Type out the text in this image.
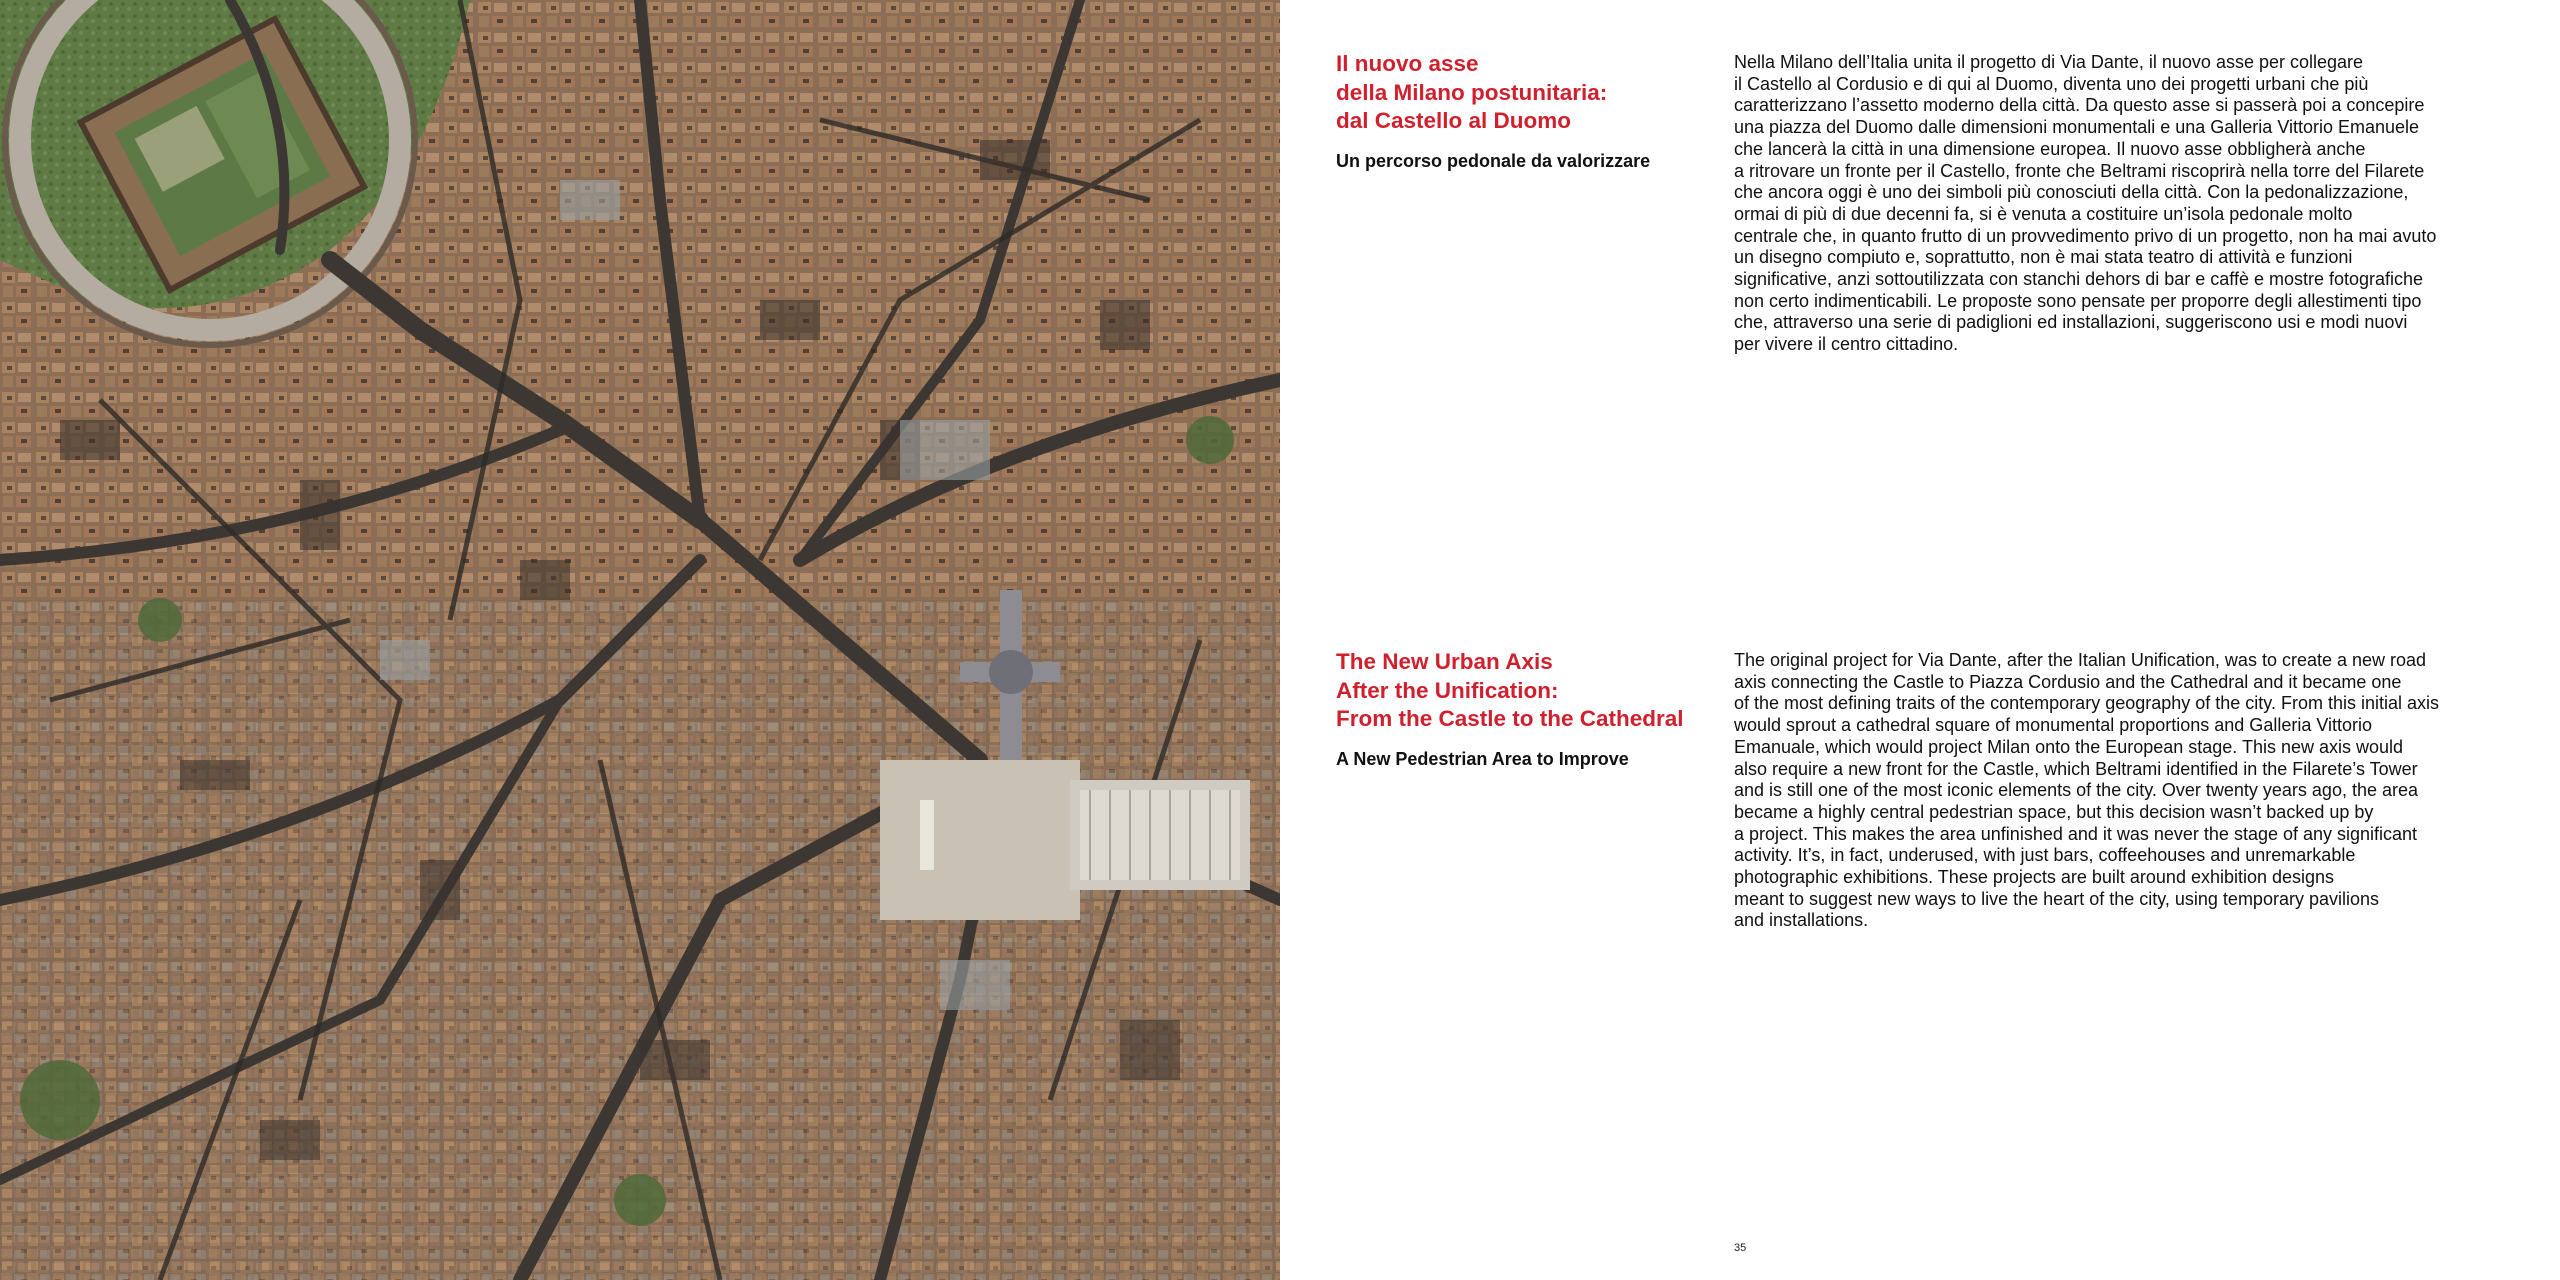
Il nuovo asse
della Milano postunitaria:
dal Castello al Duomo
Un percorso pedonale da valorizzare
Nella Milano dell’Italia unita il progetto di Via Dante, il nuovo asse per collegare
il Castello al Cordusio e di qui al Duomo, diventa uno dei progetti urbani che più
caratterizzano l’assetto moderno della città. Da questo asse si passerà poi a concepire
una piazza del Duomo dalle dimensioni monumentali e una Galleria Vittorio Emanuele
che lancerà la città in una dimensione europea. Il nuovo asse obbligherà anche
a ritrovare un fronte per il Castello, fronte che Beltrami riscoprirà nella torre del Filarete
che ancora oggi è uno dei simboli più conosciuti della città. Con la pedonalizzazione,
ormai di più di due decenni fa, si è venuta a costituire un’isola pedonale molto
centrale che, in quanto frutto di un provvedimento privo di un progetto, non ha mai avuto
un disegno compiuto e, soprattutto, non è mai stata teatro di attività e funzioni
significative, anzi sottoutilizzata con stanchi dehors di bar e caffè e mostre fotografiche
non certo indimenticabili. Le proposte sono pensate per proporre degli allestimenti tipo
che, attraverso una serie di padiglioni ed installazioni, suggeriscono usi e modi nuovi
per vivere il centro cittadino.
The New Urban Axis
After the Unification:
From the Castle to the Cathedral
A New Pedestrian Area to Improve
The original project for Via Dante, after the Italian Unification, was to create a new road
axis connecting the Castle to Piazza Cordusio and the Cathedral and it became one
of the most defining traits of the contemporary geography of the city. From this initial axis
would sprout a cathedral square of monumental proportions and Galleria Vittorio
Emanuale, which would project Milan onto the European stage. This new axis would
also require a new front for the Castle, which Beltrami identified in the Filarete’s Tower
and is still one of the most iconic elements of the city. Over twenty years ago, the area
became a highly central pedestrian space, but this decision wasn’t backed up by
a project. This makes the area unfinished and it was never the stage of any significant
activity. It’s, in fact, underused, with just bars, coffeehouses and unremarkable
photographic exhibitions. These projects are built around exhibition designs
meant to suggest new ways to live the heart of the city, using temporary pavilions
and installations.
35
